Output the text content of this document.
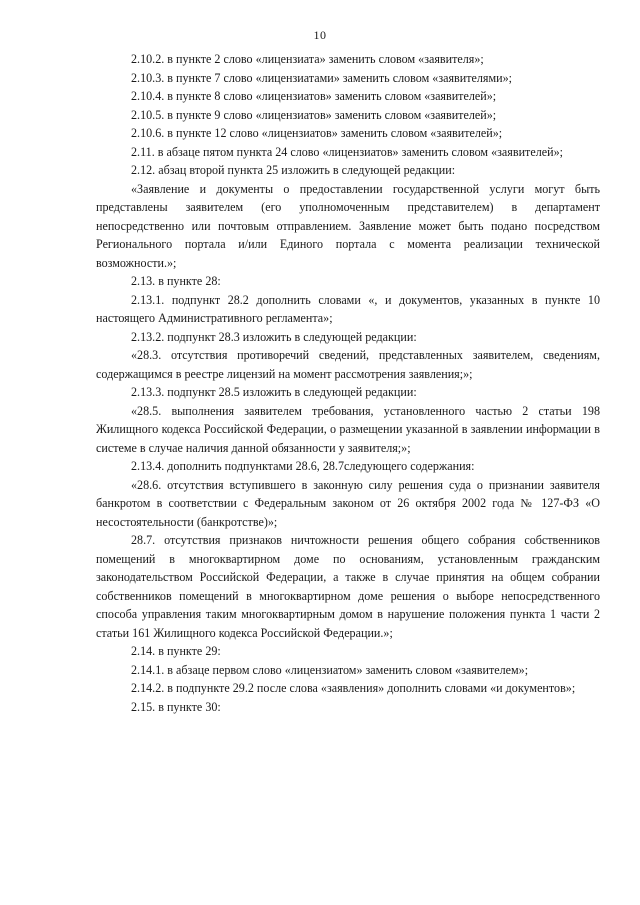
10

2.10.2. в пункте 2 слово «лицензиата» заменить словом «заявителя»;

2.10.3. в пункте 7 слово «лицензиатами» заменить словом «заявителями»;

2.10.4. в пункте 8 слово «лицензиатов» заменить словом «заявителей»;

2.10.5. в пункте 9 слово «лицензиатов» заменить словом «заявителей»;

2.10.6. в пункте 12 слово «лицензиатов» заменить словом «заявителей»;

2.11. в абзаце пятом пункта 24 слово «лицензиатов» заменить словом «заявителей»;

2.12. абзац второй пункта 25 изложить в следующей редакции:

«Заявление и документы о предоставлении государственной услуги могут быть представлены заявителем (его уполномоченным представителем) в департамент непосредственно или почтовым отправлением. Заявление может быть подано посредством Регионального портала и/или Единого портала с момента реализации технической возможности.»;

2.13. в пункте 28:

2.13.1. подпункт 28.2 дополнить словами «, и документов, указанных в пункте 10 настоящего Административного регламента»;

2.13.2. подпункт 28.3 изложить в следующей редакции:

«28.3. отсутствия противоречий сведений, представленных заявителем, сведениям, содержащимся в реестре лицензий на момент рассмотрения заявления;»;

2.13.3. подпункт 28.5 изложить в следующей редакции:

«28.5. выполнения заявителем требования, установленного частью 2 статьи 198 Жилищного кодекса Российской Федерации, о размещении указанной в заявлении информации в системе в случае наличия данной обязанности у заявителя;»;

2.13.4. дополнить подпунктами 28.6, 28.7следующего содержания:

«28.6. отсутствия вступившего в законную силу решения суда о признании заявителя банкротом в соответствии с Федеральным законом от 26 октября 2002 года № 127-ФЗ «О несостоятельности (банкротстве)»;

28.7. отсутствия признаков ничтожности решения общего собрания собственников помещений в многоквартирном доме по основаниям, установленным гражданским законодательством Российской Федерации, а также в случае принятия на общем собрании собственников помещений в многоквартирном доме решения о выборе непосредственного способа управления таким многоквартирным домом в нарушение положения пункта 1 части 2 статьи 161 Жилищного кодекса Российской Федерации.»;

2.14. в пункте 29:

2.14.1. в абзаце первом слово «лицензиатом» заменить словом «заявителем»;

2.14.2. в подпункте 29.2 после слова «заявления» дополнить словами «и документов»;

2.15. в пункте 30:
